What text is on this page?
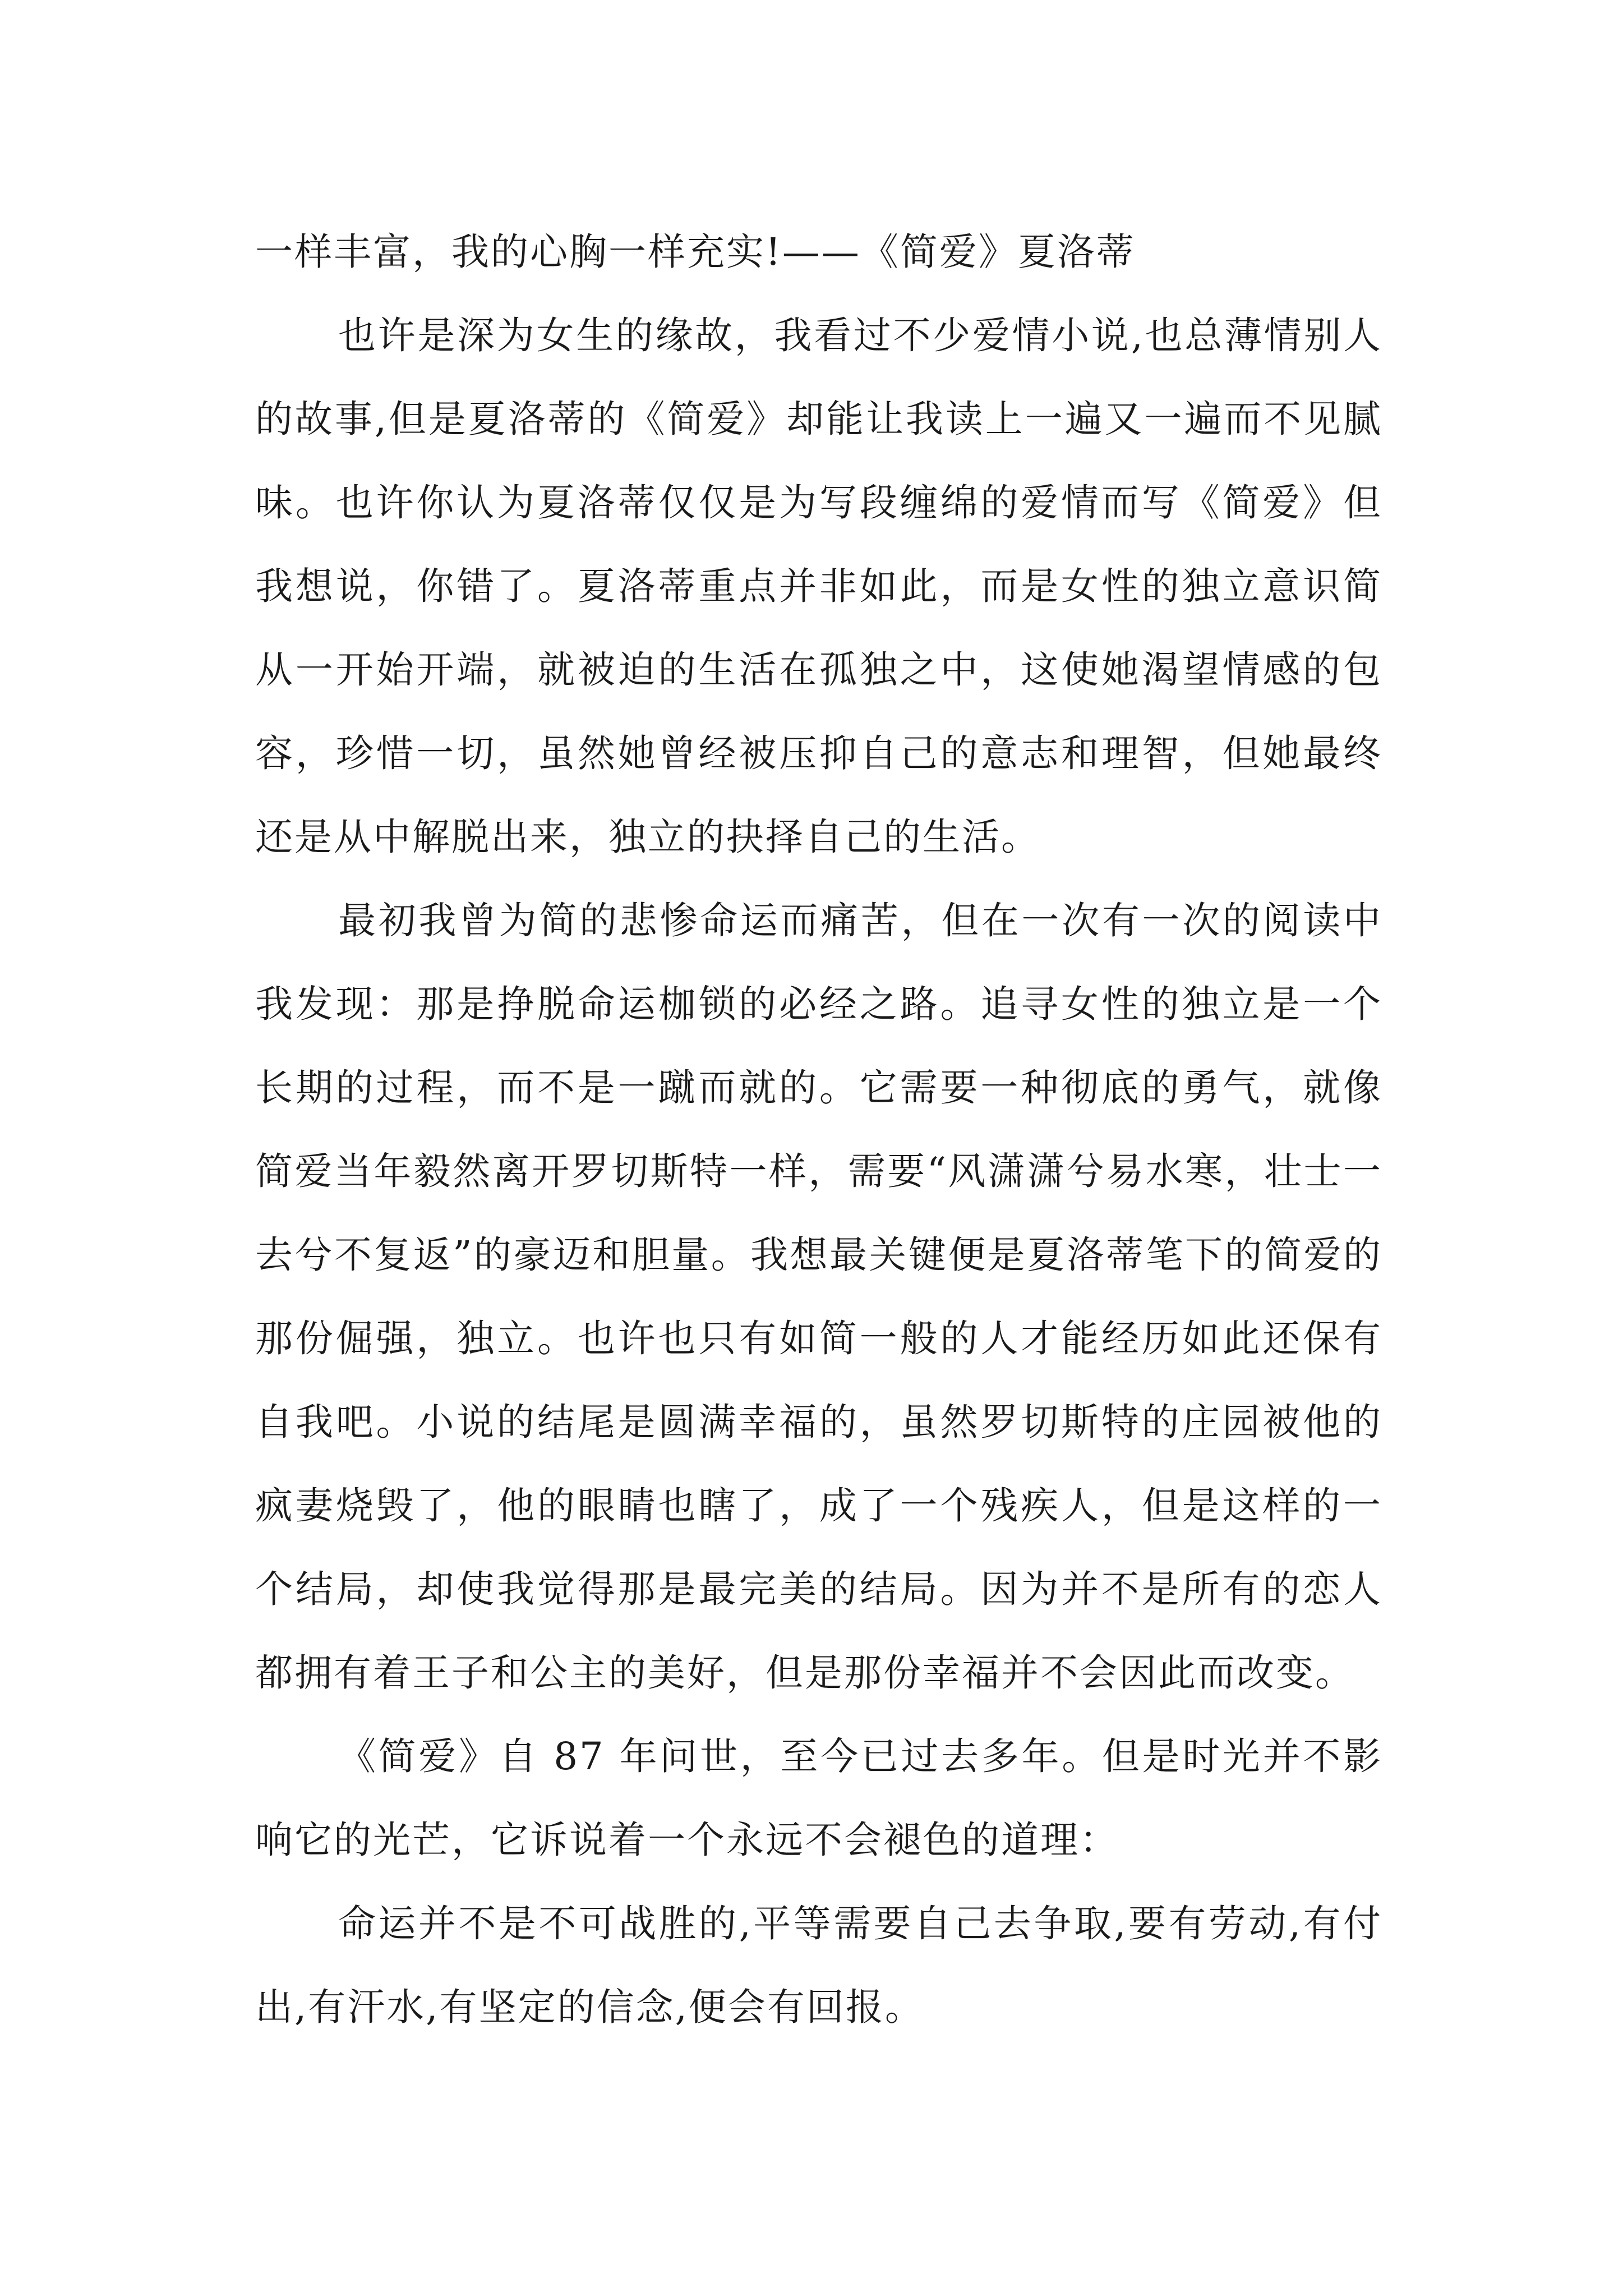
一样丰富，我的心胸一样充实!——《简爱》夏洛蒂

也许是深为女生的缘故，我看过不少爱情小说,也总薄情别人的故事,但是夏洛蒂的《简爱》却能让我读上一遍又一遍而不见腻味。也许你认为夏洛蒂仅仅是为写段缠绵的爱情而写《简爱》但我想说，你错了。夏洛蒂重点并非如此，而是女性的独立意识简从一开始开端，就被迫的生活在孤独之中，这使她渴望情感的包容，珍惜一切，虽然她曾经被压抑自己的意志和理智，但她最终还是从中解脱出来，独立的抉择自己的生活。

最初我曾为简的悲惨命运而痛苦，但在一次有一次的阅读中我发现：那是挣脱命运枷锁的必经之路。追寻女性的独立是一个长期的过程，而不是一蹴而就的。它需要一种彻底的勇气，就像简爱当年毅然离开罗切斯特一样，需要“风潇潇兮易水寒，壮士一去兮不复返”的豪迈和胆量。我想最关键便是夏洛蒂笔下的简爱的那份倔强，独立。也许也只有如简一般的人才能经历如此还保有自我吧。小说的结尾是圆满幸福的，虽然罗切斯特的庄园被他的疯妻烧毁了，他的眼睛也瞎了，成了一个残疾人，但是这样的一个结局，却使我觉得那是最完美的结局。因为并不是所有的恋人都拥有着王子和公主的美好，但是那份幸福并不会因此而改变。

《简爱》自 87 年问世，至今已过去多年。但是时光并不影响它的光芒，它诉说着一个永远不会褪色的道理：

命运并不是不可战胜的,平等需要自己去争取,要有劳动,有付出,有汗水,有坚定的信念,便会有回报。
